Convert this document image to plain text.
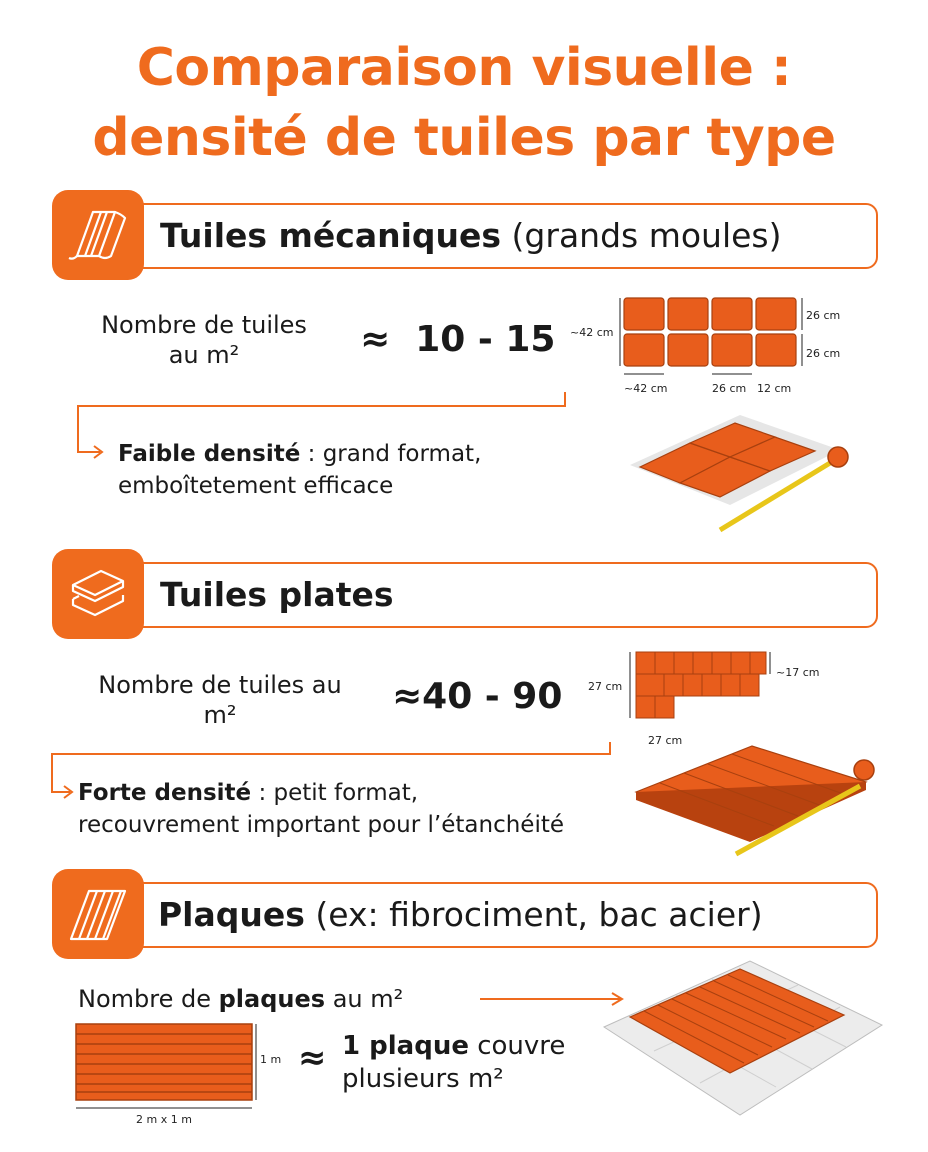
Comparaison visuelle :
densité de tuiles par type
Tuiles mécaniques (grands moules)
Nombre de tuiles
au m²	≈ 10 - 15
Faible densité : grand format,
emboîtetement efficace
~42 cm
26 cm
26 cm
~42 cm	26 cm 12 cm
Tuiles plates
Nombre de tuiles au
m²	≈40 - 90
Forte densité : petit format,
recouvrement important pour l’étanchéité
27 cm
~17 cm
27 cm
Plaques (ex: fibrociment, bac acier)
Nombre de plaques au m²
1 m
2 m x 1 m
≈ 1 plaque couvre
plusieurs m²
